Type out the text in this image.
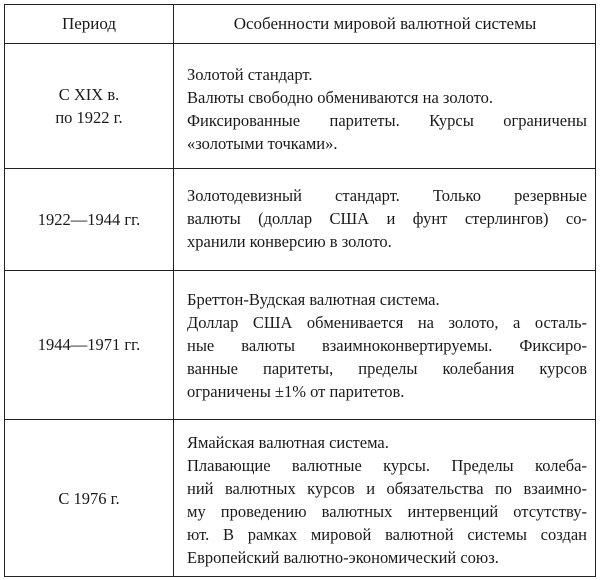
Период	Особенности мировой валютной системы
С XIX в.
по 1922 г.
Золотой стандарт.
Валюты свободно обмениваются на золото.
Фиксированные паритеты. Курсы ограничены
«золотыми точками».
1922—1944 гг.
Золотодевизный стандарт. Только резервные
валюты (доллар США и фунт стерлингов) со-
хранили конверсию в золото.
1944—1971 гг.
Бреттон-Вудская валютная система.
Доллар США обменивается на золото, а осталь-
ные валюты взаимноконвертируемы. Фиксиро-
ванные паритеты, пределы колебания курсов
ограничены ±1% от паритетов.
С 1976 г.
Ямайская валютная система.
Плавающие валютные курсы. Пределы колеба-
ний валютных курсов и обязательства по взаимно-
му проведению валютных интервенций отсутству-
ют. В рамках мировой валютной системы создан
Европейский валютно-экономический союз.
